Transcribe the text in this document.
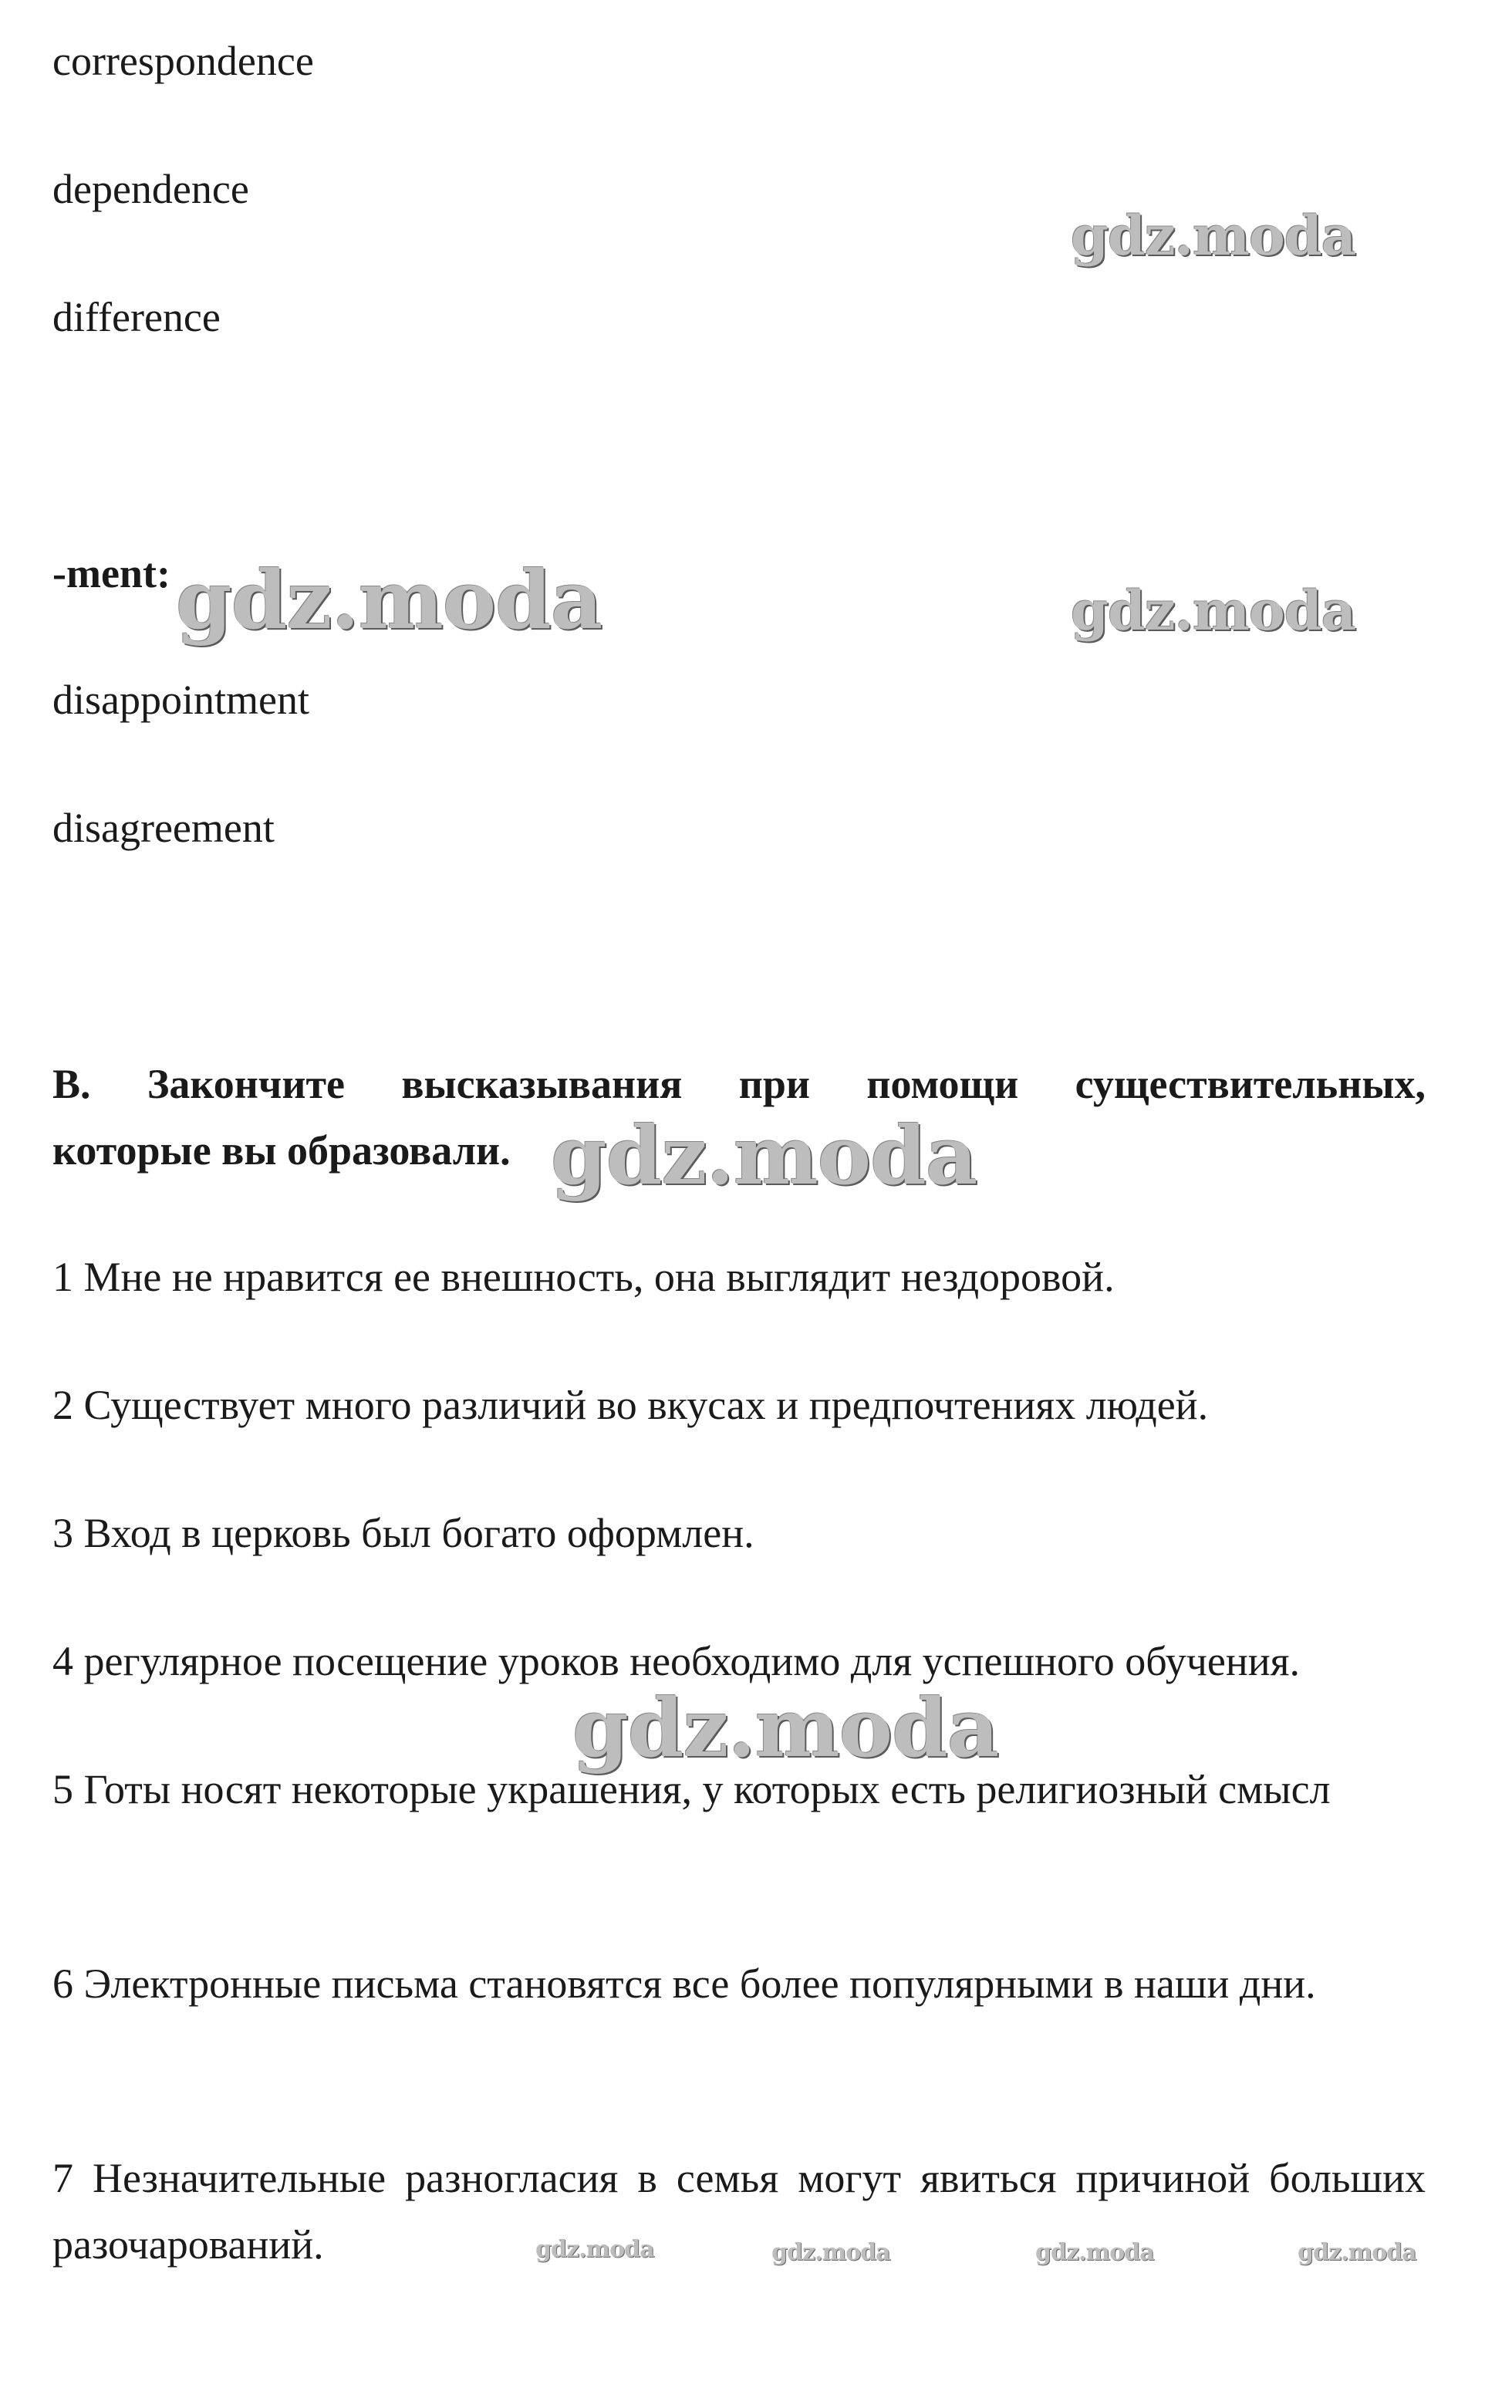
correspondence

dependence

difference

-ment:

disappointment

disagreement

B. Закончите высказывания при помощи существительных,

которые вы образовали.

1 Мне не нравится ее внешность, она выглядит нездоровой.

2 Существует много различий во вкусах и предпочтениях людей.

3 Вход в церковь был богато оформлен.

4 регулярное посещение уроков необходимо для успешного обучения.

5 Готы носят некоторые украшения, у которых есть религиозный смысл

6 Электронные письма становятся все более популярными в наши дни.

7 Незначительные разногласия в семья могут явиться причиной больших разочарований.

gdz.moda
gdz.moda	gdz.moda
gdz.moda
gdz.moda
gdz.moda	gdz.moda	gdz.moda	gdz.moda
